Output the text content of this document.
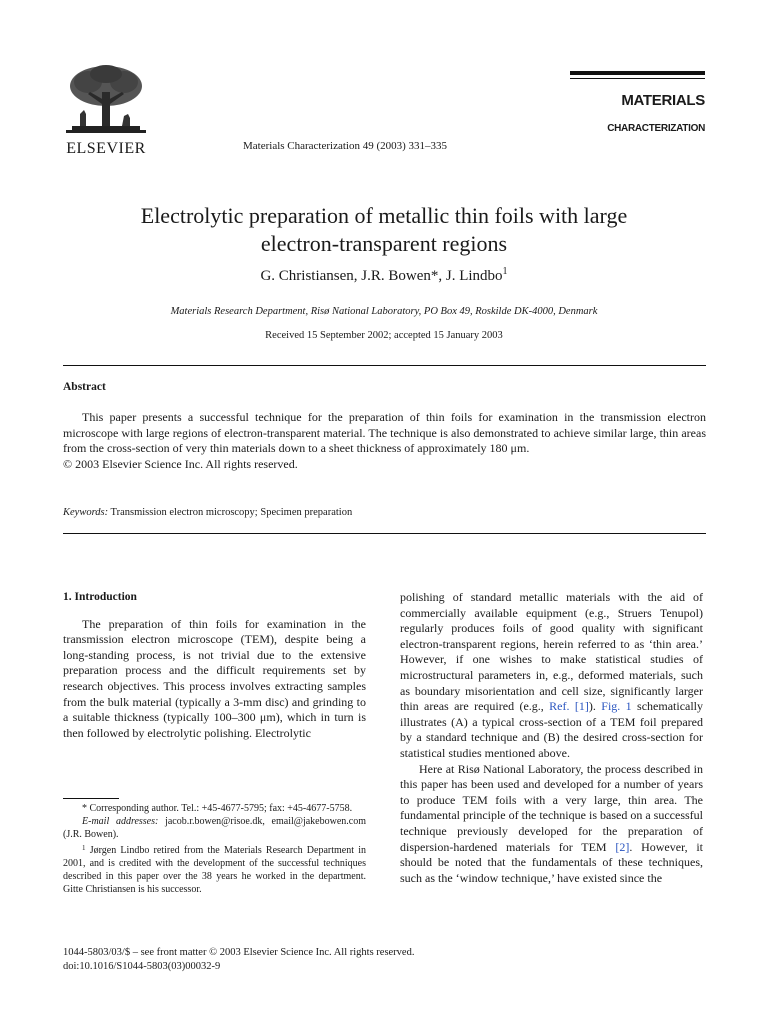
ELSEVIER	Materials Characterization 49 (2003) 331–335
MATERIALS
CHARACTERIZATION
Electrolytic preparation of metallic thin foils with large
electron-transparent regions
G. Christiansen, J.R. Bowen*, J. Lindbo$^1$
Materials Research Department, Risø National Laboratory, PO Box 49, Roskilde DK-4000, Denmark
Received 15 September 2002; accepted 15 January 2003
Abstract

This paper presents a successful technique for the preparation of thin foils for examination in the transmission electron microscope with large regions of electron-transparent material. The technique is also demonstrated to achieve similar large, thin areas from the cross-section of very thin materials down to a sheet thickness of approximately 180 μm.

© 2003 Elsevier Science Inc. All rights reserved.

Keywords: Transmission electron microscopy; Specimen preparation

1. Introduction

The preparation of thin foils for examination in the transmission electron microscope (TEM), despite being a long-standing process, is not trivial due to the extensive preparation process and the difficult requirements set by research objectives. This process involves extracting samples from the bulk material (typically a 3-mm disc) and grinding to a suitable thickness (typically 100–300 μm), which in turn is then followed by electrolytic polishing. Electrolytic

polishing of standard metallic materials with the aid of commercially available equipment (e.g., Struers Tenupol) regularly produces foils of good quality with significant electron-transparent regions, herein referred to as ‘thin area.’ However, if one wishes to make statistical studies of microstructural parameters in, e.g., deformed materials, such as boundary misorientation and cell size, significantly larger thin areas are required (e.g., Ref. [1]). Fig. 1 schematically illustrates (A) a typical cross-section of a TEM foil prepared by a standard technique and (B) the desired cross-section for statistical studies mentioned above.

Here at Risø National Laboratory, the process described in this paper has been used and developed for a number of years to produce TEM foils with a very large, thin area. The fundamental principle of the technique is based on a successful technique previously developed for the preparation of dispersion-hardened materials for TEM [2]. However, it should be noted that the fundamentals of these techniques, such as the ‘window technique,’ have existed since the

* Corresponding author. Tel.: +45-4677-5795; fax: +45-4677-5758.

E-mail addresses: jacob.r.bowen@risoe.dk, email@jakebowen.com (J.R. Bowen).

$^1$ Jørgen Lindbo retired from the Materials Research Department in 2001, and is credited with the development of the successful techniques described in this paper over the 38 years he worked in the department. Gitte Christiansen is his successor.

1044-5803/03/$ – see front matter © 2003 Elsevier Science Inc. All rights reserved.
doi:10.1016/S1044-5803(03)00032-9
